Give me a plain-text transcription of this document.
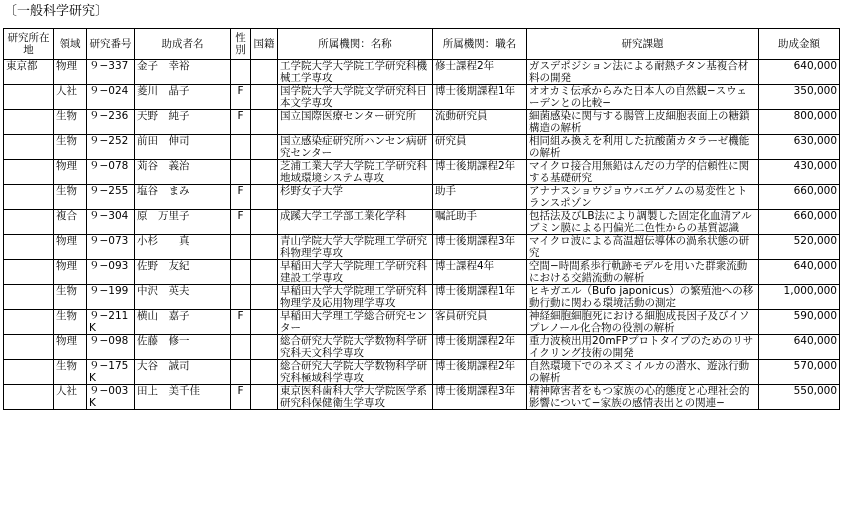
〔一般科学研究〕
研究所在地	領域	研究番号	助成者名	性別	国籍	所属機関：名称	所属機関：職名	研究課題	助成金額
東京都	物理	９−337	金子　幸裕			工学院大学大学院工学研究科機械工学専攻	修士課程2年	ガスデポジション法による耐熱チタン基複合材料の開発	640,000
	人社	９−024	菱川　晶子	F		国学院大学大学院文学研究科日本文学専攻	博士後期課程1年	オオカミ伝承からみた日本人の自然観−スウェーデンとの比較−	350,000
	生物	９−236	天野　純子	F		国立国際医療センター研究所	流動研究員	細菌感染に関与する腸管上皮細胞表面上の糖鎖構造の解析	800,000
	生物	９−252	前田　伸司			国立感染症研究所ハンセン病研究センター	研究員	相同組み換えを利用した抗酸菌カタラーゼ機能の解析	630,000
	物理	９−078	苅谷　義治			芝浦工業大学大学院工学研究科地域環境システム専攻	博士後期課程2年	マイクロ接合用無鉛はんだの力学的信頼性に関する基礎研究	430,000
	生物	９−255	塩谷　まみ	F		杉野女子大学	助手	アナナスショウジョウバエゲノムの易変性とトランスポゾン	660,000
	複合	９−304	原　万里子	F		成蹊大学工学部工業化学科	嘱託助手	包括法及びLB法により調製した固定化血清アルブミン膜による円偏光二色性からの基質認識	660,000
	物理	９−073	小杉　　真			青山学院大学大学院理工学研究科物理学専攻	博士後期課程3年	マイクロ波による高温超伝導体の渦糸状態の研究	520,000
	物理	９−093	佐野　友紀			早稲田大学大学院理工学研究科建設工学専攻	博士課程4年	空間−時間系歩行軌跡モデルを用いた群衆流動における交錯流動の解析	640,000
	生物	９−199	中沢　英夫			早稲田大学大学院理工学研究科物理学及応用物理学専攻	博士後期課程1年	ヒキガエル（Bufo japonicus）の繁殖池への移動行動に関わる環境活動の測定	1,000,000
	生物	９−211K	横山　嘉子	F		早稲田大学理工学総合研究センター	客員研究員	神経細胞細胞死における細胞成長因子及びイソプレノール化合物の役割の解析	590,000
	物理	９−098	佐藤　修一			総合研究大学院大学数物科学研究科天文科学専攻	博士後期課程2年	重力波検出用20mFPプロトタイプのためのリサイクリング技術の開発	640,000
	生物	９−175K	大谷　誠司			総合研究大学院大学数物科学研究科極域科学専攻	博士後期課程2年	自然環境下でのネズミイルカの潜水、遊泳行動の解析	570,000
	人社	９−003K	田上　美千佳	F		東京医科歯科大学大学院医学系研究科保健衛生学専攻	博士後期課程3年	精神障害者をもつ家族の心的態度と心理社会的影響について−家族の感情表出との関連−	550,000
